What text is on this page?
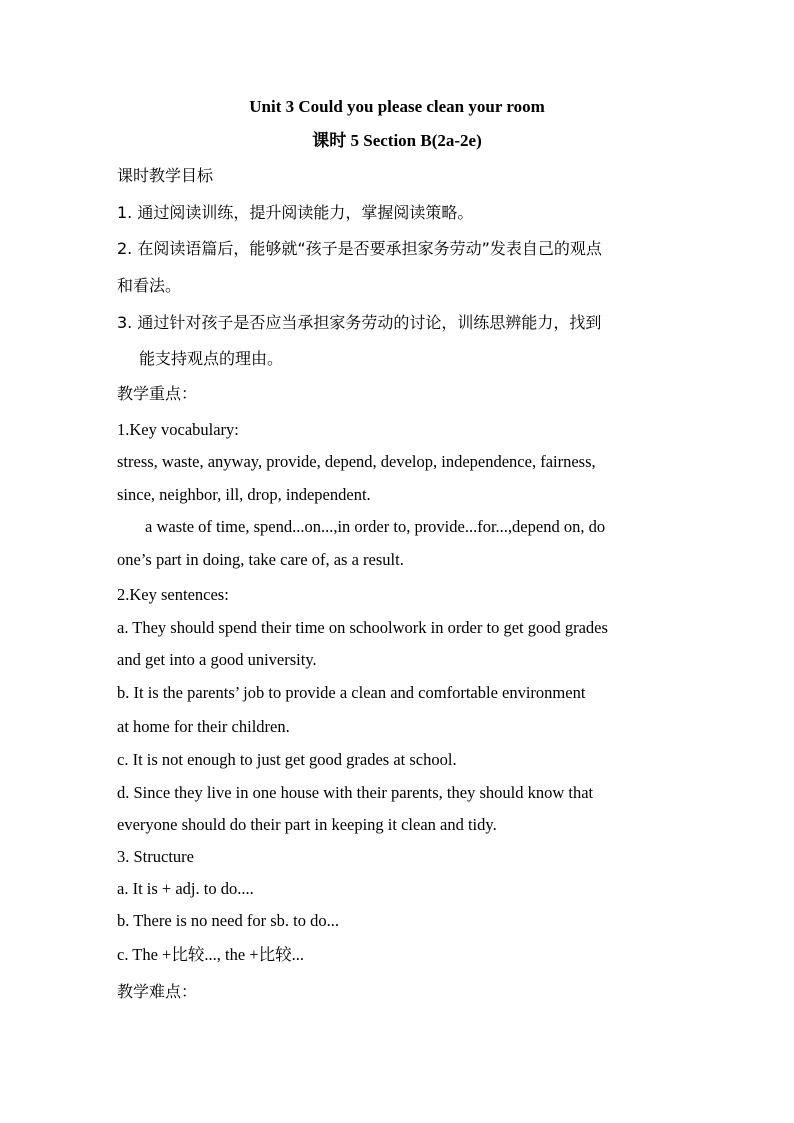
Unit 3 Could you please clean your room
课时 5 Section B(2a-2e)
课时教学目标
1. 通过阅读训练，提升阅读能力，掌握阅读策略。
2. 在阅读语篇后，能够就“孩子是否要承担家务劳动”发表自己的观点
和看法。
3. 通过针对孩子是否应当承担家务劳动的讨论，训练思辨能力，找到
能支持观点的理由。
教学重点：
1.Key vocabulary:
stress, waste, anyway, provide, depend, develop, independence, fairness,
since, neighbor, ill, drop, independent.
a waste of time, spend...on...,in order to, provide...for...,depend on, do
one’s part in doing, take care of, as a result.
2.Key sentences:
a. They should spend their time on schoolwork in order to get good grades
and get into a good university.
b. It is the parents’ job to provide a clean and comfortable environment
at home for their children.
c. It is not enough to just get good grades at school.
d. Since they live in one house with their parents, they should know that
everyone should do their part in keeping it clean and tidy.
3. Structure
a. It is + adj. to do....
b. There is no need for sb. to do...
c. The +比较..., the +比较...
教学难点：
